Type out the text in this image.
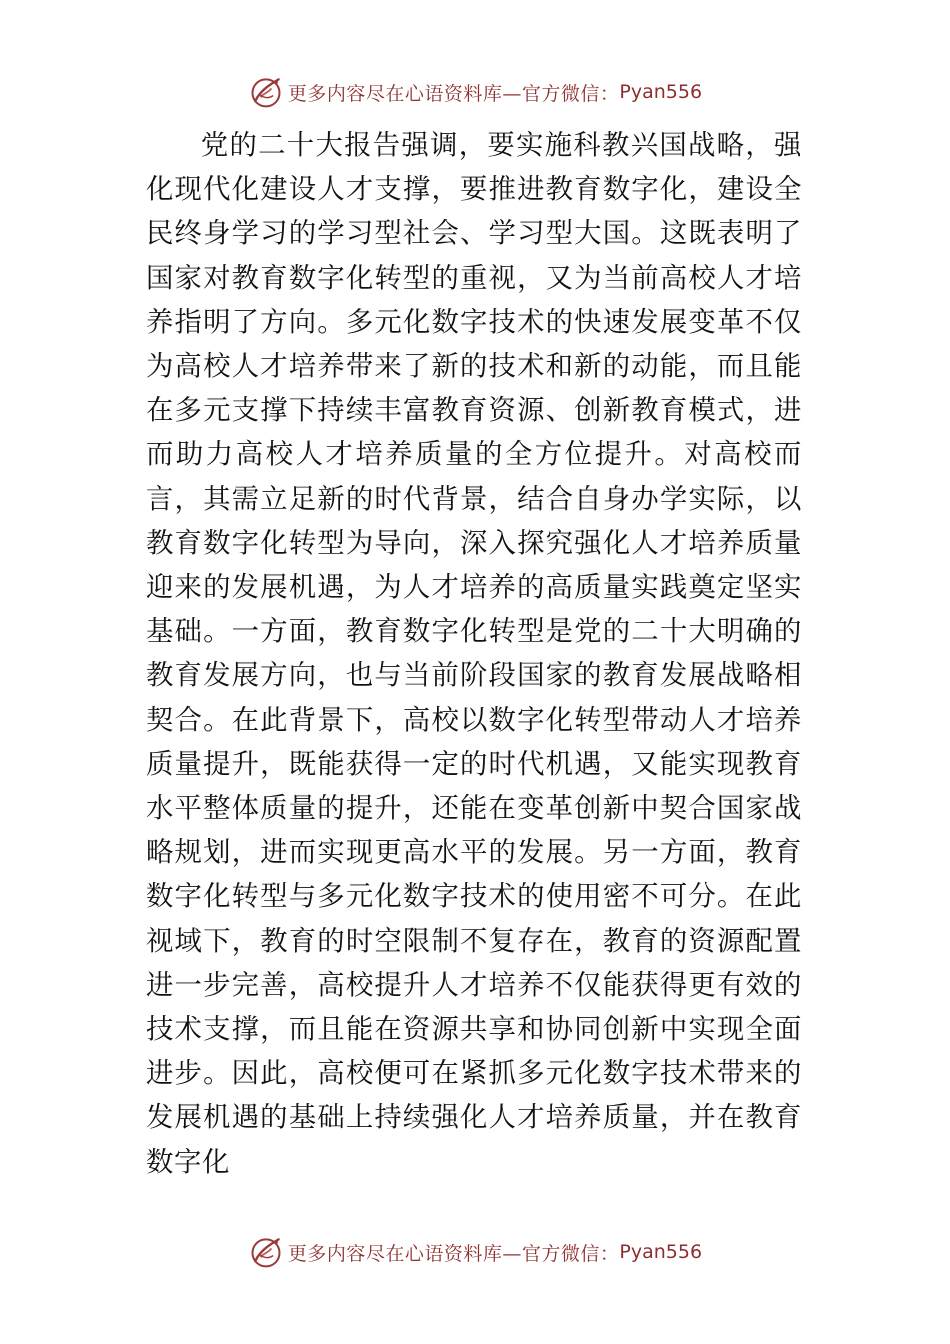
更多内容尽在心语资料库—官方微信： Pyan556

党的二十大报告强调，要实施科教兴国战略，强化现代化建设人才支撑，要推进教育数字化，建设全民终身学习的学习型社会、学习型大国。这既表明了国家对教育数字化转型的重视，又为当前高校人才培养指明了方向。多元化数字技术的快速发展变革不仅为高校人才培养带来了新的技术和新的动能，而且能在多元支撑下持续丰富教育资源、创新教育模式，进而助力高校人才培养质量的全方位提升。对高校而言，其需立足新的时代背景，结合自身办学实际，以教育数字化转型为导向，深入探究强化人才培养质量迎来的发展机遇，为人才培养的高质量实践奠定坚实基础。一方面，教育数字化转型是党的二十大明确的教育发展方向，也与当前阶段国家的教育发展战略相契合。在此背景下，高校以数字化转型带动人才培养质量提升，既能获得一定的时代机遇，又能实现教育水平整体质量的提升，还能在变革创新中契合国家战略规划，进而实现更高水平的发展。另一方面，教育数字化转型与多元化数字技术的使用密不可分。在此视域下，教育的时空限制不复存在，教育的资源配置进一步完善，高校提升人才培养不仅能获得更有效的技术支撑，而且能在资源共享和协同创新中实现全面进步。因此，高校便可在紧抓多元化数字技术带来的发展机遇的基础上持续强化人才培养质量，并在教育数字化

更多内容尽在心语资料库—官方微信： Pyan556
